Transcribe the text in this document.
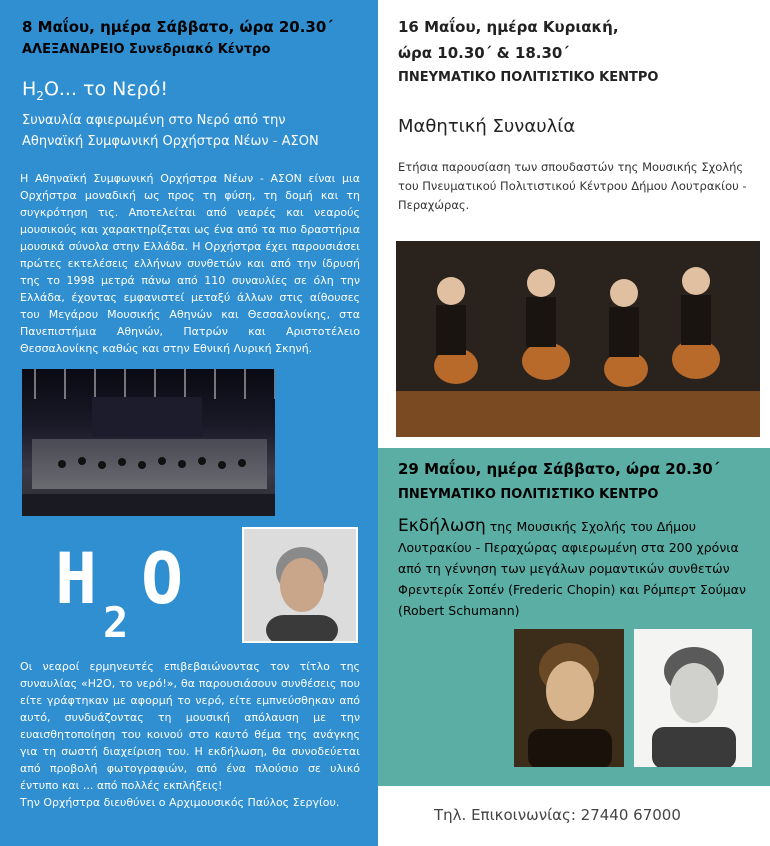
8 Μαΐου, ημέρα Σάββατο, ώρα 20.30΄
ΑΛΕΞΑΝΔΡΕΙΟ Συνεδριακό Κέντρο
$H_2O$... το Νερό!
Συναυλία αφιερωμένη στο Νερό από την
Αθηναϊκή Συμφωνική Ορχήστρα Νέων - ΑΣΟΝ
Η Αθηναϊκή Συμφωνική Ορχήστρα Νέων - ΑΣΟΝ είναι μια Ορχήστρα μοναδική ως προς τη φύση, τη δομή και τη συγκρότηση τις. Αποτελείται από νεαρές και νεαρούς μουσικούς και χαρακτηρίζεται ως ένα από τα πιο δραστήρια μουσικά σύνολα στην Ελλάδα. Η Ορχήστρα έχει παρουσιάσει πρώτες εκτελέσεις ελλήνων συνθετών και από την ίδρυσή της το 1998 μετρά πάνω από 110 συναυλίες σε όλη την Ελλάδα, έχοντας εμφανιστεί μεταξύ άλλων στις αίθουσες του Μεγάρου Μουσικής Αθηνών και Θεσσαλονίκης, στα Πανεπιστήμια Αθηνών, Πατρών και Αριστοτέλειο Θεσσαλονίκης καθώς και στην Εθνική Λυρική Σκηνή.
H
2
O
Οι νεαροί ερμηνευτές επιβεβαιώνοντας τον τίτλο της συναυλίας «Η2Ο, το νερό!», θα παρουσιάσουν συνθέσεις που είτε γράφτηκαν με αφορμή το νερό, είτε εμπνεύσθηκαν από αυτό, συνδυάζοντας τη μουσική απόλαυση με την ευαισθητοποίηση του κοινού στο καυτό θέμα της ανάγκης για τη σωστή διαχείριση του. Η εκδήλωση, θα συνοδεύεται από προβολή φωτογραφιών, από ένα πλούσιο σε υλικό έντυπο και ... από πολλές εκπλήξεις!
Την Ορχήστρα διευθύνει ο Αρχιμουσικός Παύλος Σεργίου.
16 Μαΐου, ημέρα Κυριακή,
ώρα 10.30΄ & 18.30΄
ΠΝΕΥΜΑΤΙΚΟ ΠΟΛΙΤΙΣΤΙΚΟ ΚΕΝΤΡΟ
Μαθητική Συναυλία
Ετήσια παρουσίαση των σπουδαστών της Μουσικής Σχολής του Πνευματικού Πολιτιστικού Κέντρου Δήμου Λουτρακίου - Περαχώρας.
29 Μαΐου, ημέρα Σάββατο, ώρα 20.30΄
ΠΝΕΥΜΑΤΙΚΟ ΠΟΛΙΤΙΣΤΙΚΟ ΚΕΝΤΡΟ
Εκδήλωση της Μουσικής Σχολής του Δήμου Λουτρακίου - Περαχώρας αφιερωμένη στα 200 χρόνια από τη γέννηση των μεγάλων ρομαντικών συνθετών Φρεντερίκ Σοπέν (Frederic Chopin) και Ρόμπερτ Σούμαν (Robert Schumann)
Τηλ. Επικοινωνίας: 27440 67000
